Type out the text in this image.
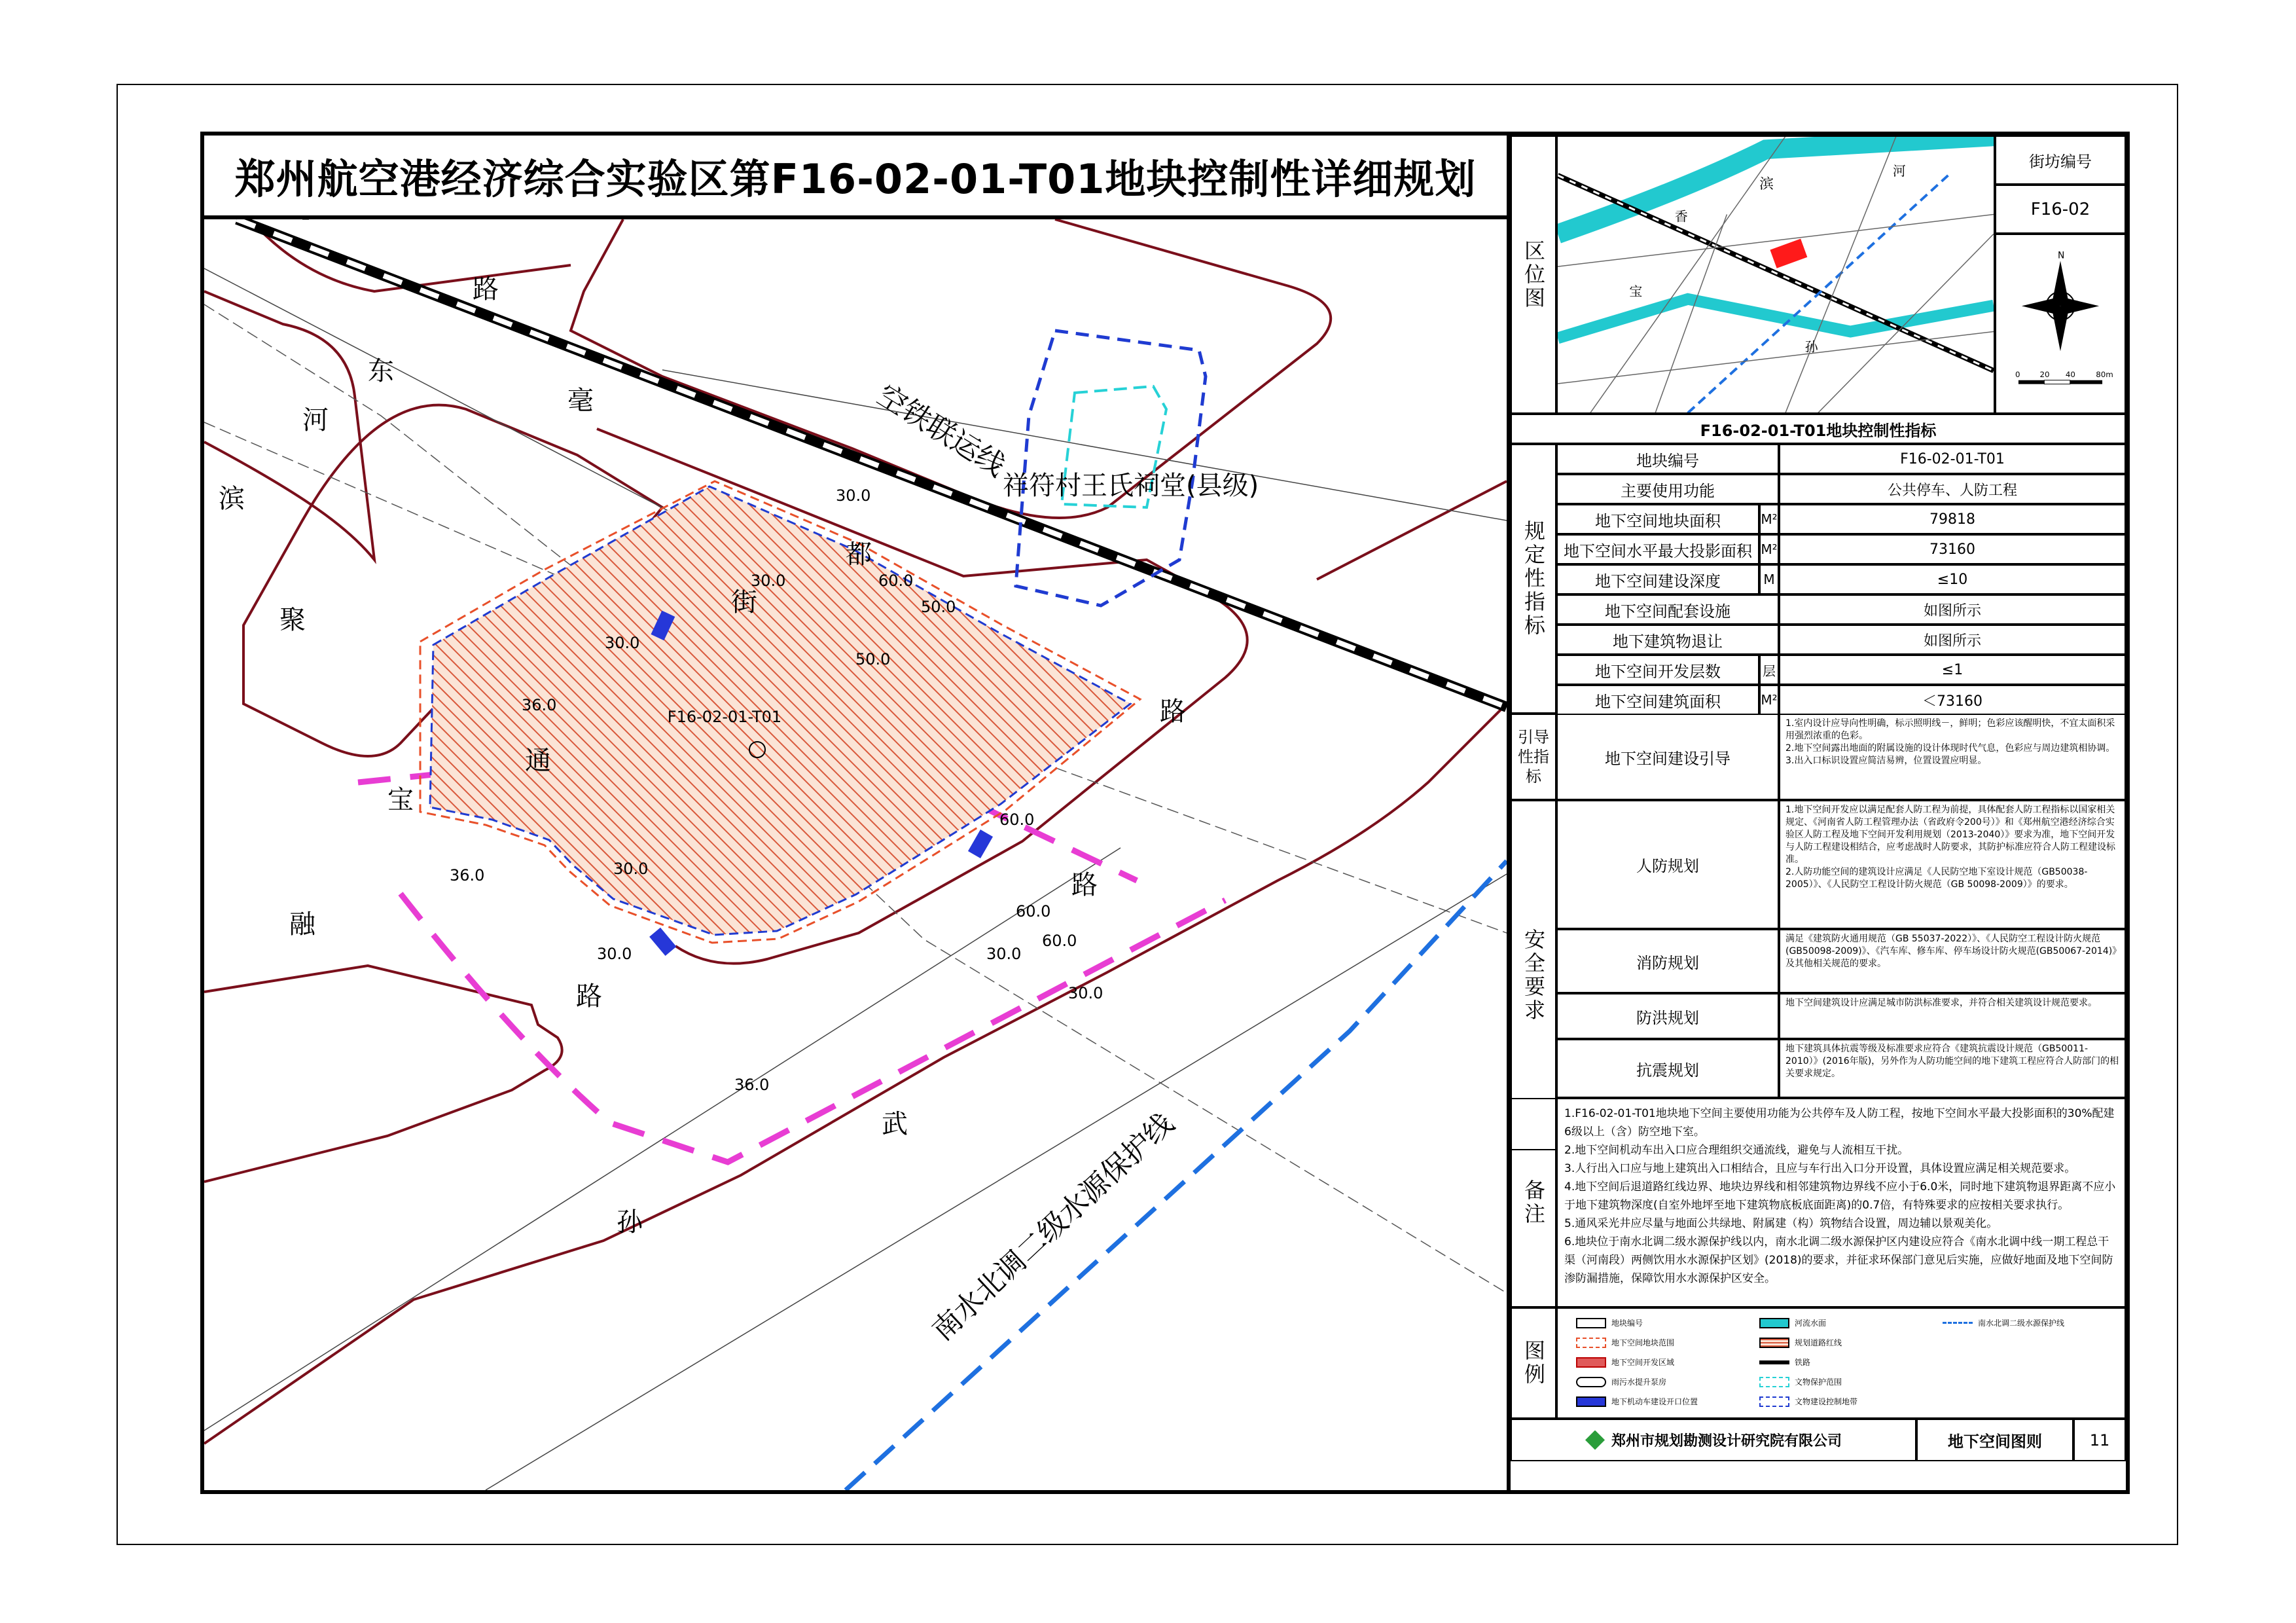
郑州航空港经济综合实验区第F16-02-01-T01地块控制性详细规划
F16-02-01-T01
空铁联运线
祥符村王氏祠堂(县级)
南水北调二级水源保护线
滨
河
东
路
毫
都
街
聚
宝
通
融
路
路
武
孙
路
30.0	60.0
50.0
30.0
30.0
36.0
36.0
30.0
60.0
30.0
30.0
60.0
36.0
60.0
50.0
30.0
区位图
滨
香
河
宝
孙
街坊编号
F16-02
N
0 20 40	80m
F16-02-01-T01地块控制性指标
规定性指标
地块编号	F16-02-01-T01
主要使用功能	公共停车、人防工程
地下空间地块面积	M²	79818
地下空间水平最大投影面积 M²	73160
地下空间建设深度	M	≤10
地下空间配套设施	如图所示
地下建筑物退让	如图所示
地下空间开发层数	层	≤1
地下空间建筑面积	M²	＜73160
引导性指标
地下空间建设引导
1.室内设计应导向性明确，标示照明线－，鲜明；色彩应该醒明快，不宜太面积采用强烈浓重的色彩。
2.地下空间露出地面的附属设施的设计体现时代气息，色彩应与周边建筑相协调。
3.出入口标识设置应简洁易辨，位置设置应明显。
安全要求
人防规划
1.地下空间开发应以满足配套人防工程为前提，具体配套人防工程指标以国家相关规定、《河南省人防工程管理办法（省政府令200号）》和《郑州航空港经济综合实验区人防工程及地下空间开发利用规划（2013-2040）》要求为准，地下空间开发与人防工程建设相结合，应考虑战时人防要求，其防护标准应符合人防工程建设标准。
2.人防功能空间的建筑设计应满足《人民防空地下室设计规范（GB50038-2005）》、《人民防空工程设计防火规范（GB 50098-2009）》的要求。
消防规划
满足《建筑防火通用规范（GB 55037-2022）》、《人民防空工程设计防火规范(GB50098-2009)》、《汽车库、修车库、停车场设计防火规范(GB50067-2014)》及其他相关规范的要求。
防洪规划
地下空间建筑设计应满足城市防洪标准要求，并符合相关建筑设计规范要求。
抗震规划
地下建筑具体抗震等级及标准要求应符合《建筑抗震设计规范（GB50011-2010）》(2016年版)，另外作为人防功能空间的地下建筑工程应符合人防部门的相关要求规定。
备注
1.F16-02-01-T01地块地下空间主要使用功能为公共停车及人防工程，按地下空间水平最大投影面积的30%配建6级以上（含）防空地下室。
2.地下空间机动车出入口应合理组织交通流线，避免与人流相互干扰。
3.人行出入口应与地上建筑出入口相结合，且应与车行出入口分开设置，具体设置应满足相关规范要求。
4.地下空间后退道路红线边界、地块边界线和相邻建筑物边界线不应小于6.0米，同时地下建筑物退界距离不应小于地下建筑物深度(自室外地坪至地下建筑物底板底面距离)的0.7倍，有特殊要求的应按相关要求执行。
5.通风采光井应尽量与地面公共绿地、附属建（构）筑物结合设置，周边辅以景观美化。
6.地块位于南水北调二级水源保护线以内，南水北调二级水源保护区内建设应符合《南水北调中线一期工程总干渠（河南段）两侧饮用水水源保护区划》(2018)的要求，并征求环保部门意见后实施，应做好地面及地下空间防渗防漏措施，保障饮用水水源保护区安全。
图例
地块编号
地下空间地块范围
地下空间开发区域
雨污水提升泵房
地下机动车建设开口位置
河流水面
规划道路红线
铁路
文物保护范围
文物建设控制地带
南水北调二级水源保护线
郑州市规划勘测设计研究院有限公司	地下空间图则	11
